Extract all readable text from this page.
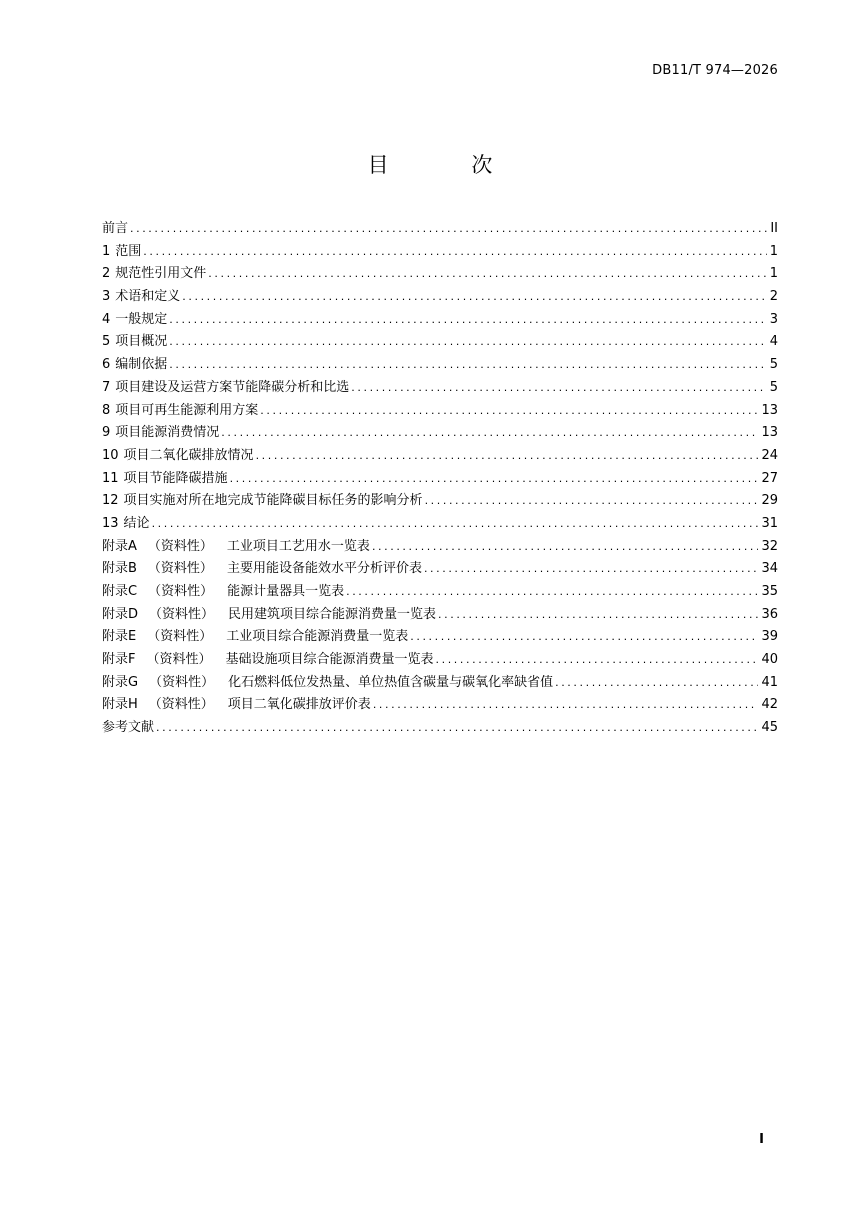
DB11/T 974—2026
目 次
前言 .....	II
1 范围 .....	1
2 规范性引用文件 .....	1
3 术语和定义 .....	2
4 一般规定 .....	3
5 项目概况 .....	4
6 编制依据 .....	5
7 项目建设及运营方案节能降碳分析和比选 .....	5
8 项目可再生能源利用方案 .....	13
9 项目能源消费情况 .....	13
10 项目二氧化碳排放情况 .....	24
11 项目节能降碳措施 .....	27
12 项目实施对所在地完成节能降碳目标任务的影响分析 .....	29
13 结论 .....	31
附录A （资料性） 工业项目工艺用水一览表 .....	32
附录B （资料性） 主要用能设备能效水平分析评价表 .....	34
附录C （资料性） 能源计量器具一览表 .....	35
附录D （资料性） 民用建筑项目综合能源消费量一览表 .....	36
附录E （资料性） 工业项目综合能源消费量一览表 .....	39
附录F （资料性） 基础设施项目综合能源消费量一览表 .....	40
附录G （资料性） 化石燃料低位发热量、单位热值含碳量与碳氧化率缺省值 .....	41
附录H （资料性） 项目二氧化碳排放评价表 .....	42
参考文献 .....	45
I
